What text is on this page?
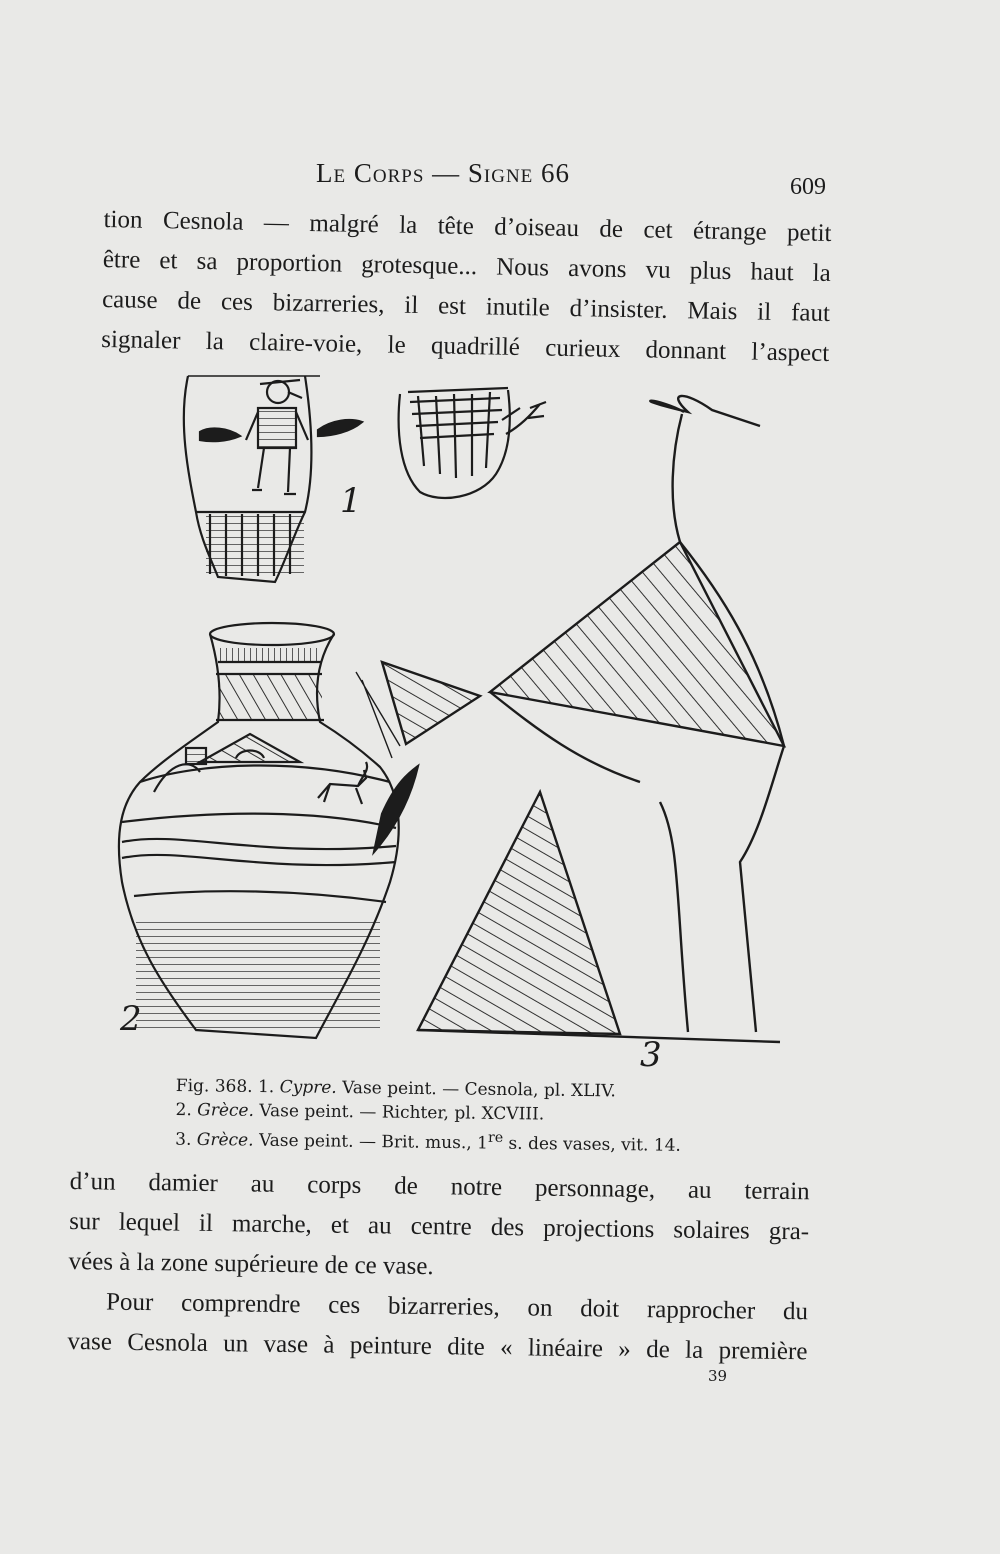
Le Corps — Signe 66	609
tion Cesnola — malgré la tête d’oiseau de cet étrange petit
être et sa proportion grotesque... Nous avons vu plus haut la
cause de ces bizarreries, il est inutile d’insister. Mais il faut
signaler la claire-voie, le quadrillé curieux donnant l’aspect
1
2
3
Fig. 368. 1. Cypre. Vase peint. — Cesnola, pl. XLIV.
2. Grèce. Vase peint. — Richter, pl. XCVIII.
3. Grèce. Vase peint. — Brit. mus., 1re s. des vases, vit. 14.
d’un damier au corps de notre personnage, au terrain
sur lequel il marche, et au centre des projections solaires gra-
vées à la zone supérieure de ce vase.
Pour comprendre ces bizarreries, on doit rapprocher du
vase Cesnola un vase à peinture dite « linéaire » de la première
39
